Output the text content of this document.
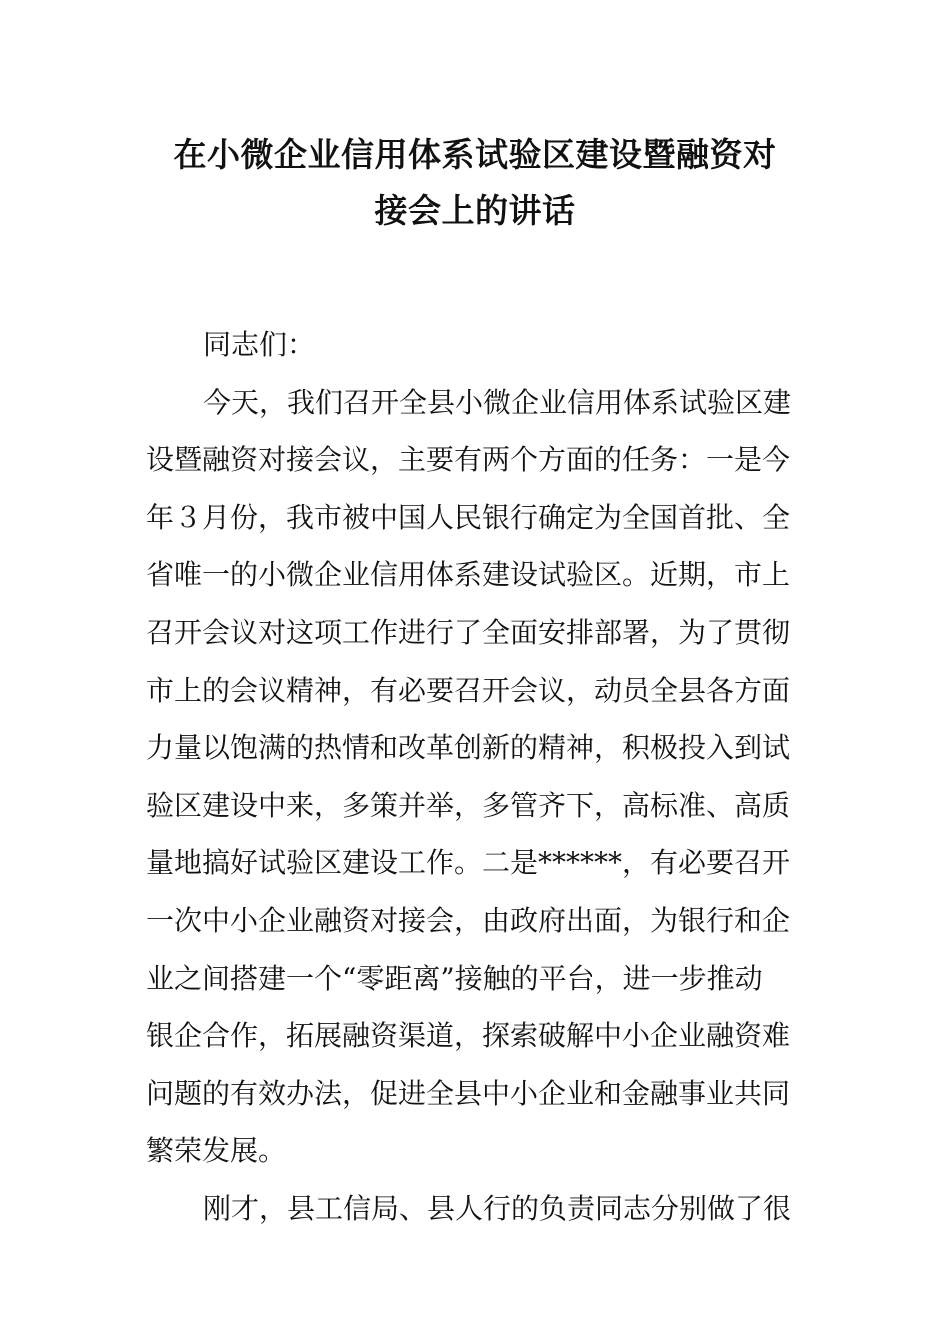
在小微企业信用体系试验区建设暨融资对
接会上的讲话

同志们：

今天，我们召开全县小微企业信用体系试验区建
设暨融资对接会议，主要有两个方面的任务：一是今
年３月份，我市被中国人民银行确定为全国首批、全
省唯一的小微企业信用体系建设试验区。近期，市上
召开会议对这项工作进行了全面安排部署，为了贯彻
市上的会议精神，有必要召开会议，动员全县各方面
力量以饱满的热情和改革创新的精神，积极投入到试
验区建设中来，多策并举，多管齐下，高标准、高质
量地搞好试验区建设工作。二是******，有必要召开
一次中小企业融资对接会，由政府出面，为银行和企
业之间搭建一个“零距离”接触的平台，进一步推动
银企合作，拓展融资渠道，探索破解中小企业融资难
问题的有效办法，促进全县中小企业和金融事业共同
繁荣发展。

刚才，县工信局、县人行的负责同志分别做了很
